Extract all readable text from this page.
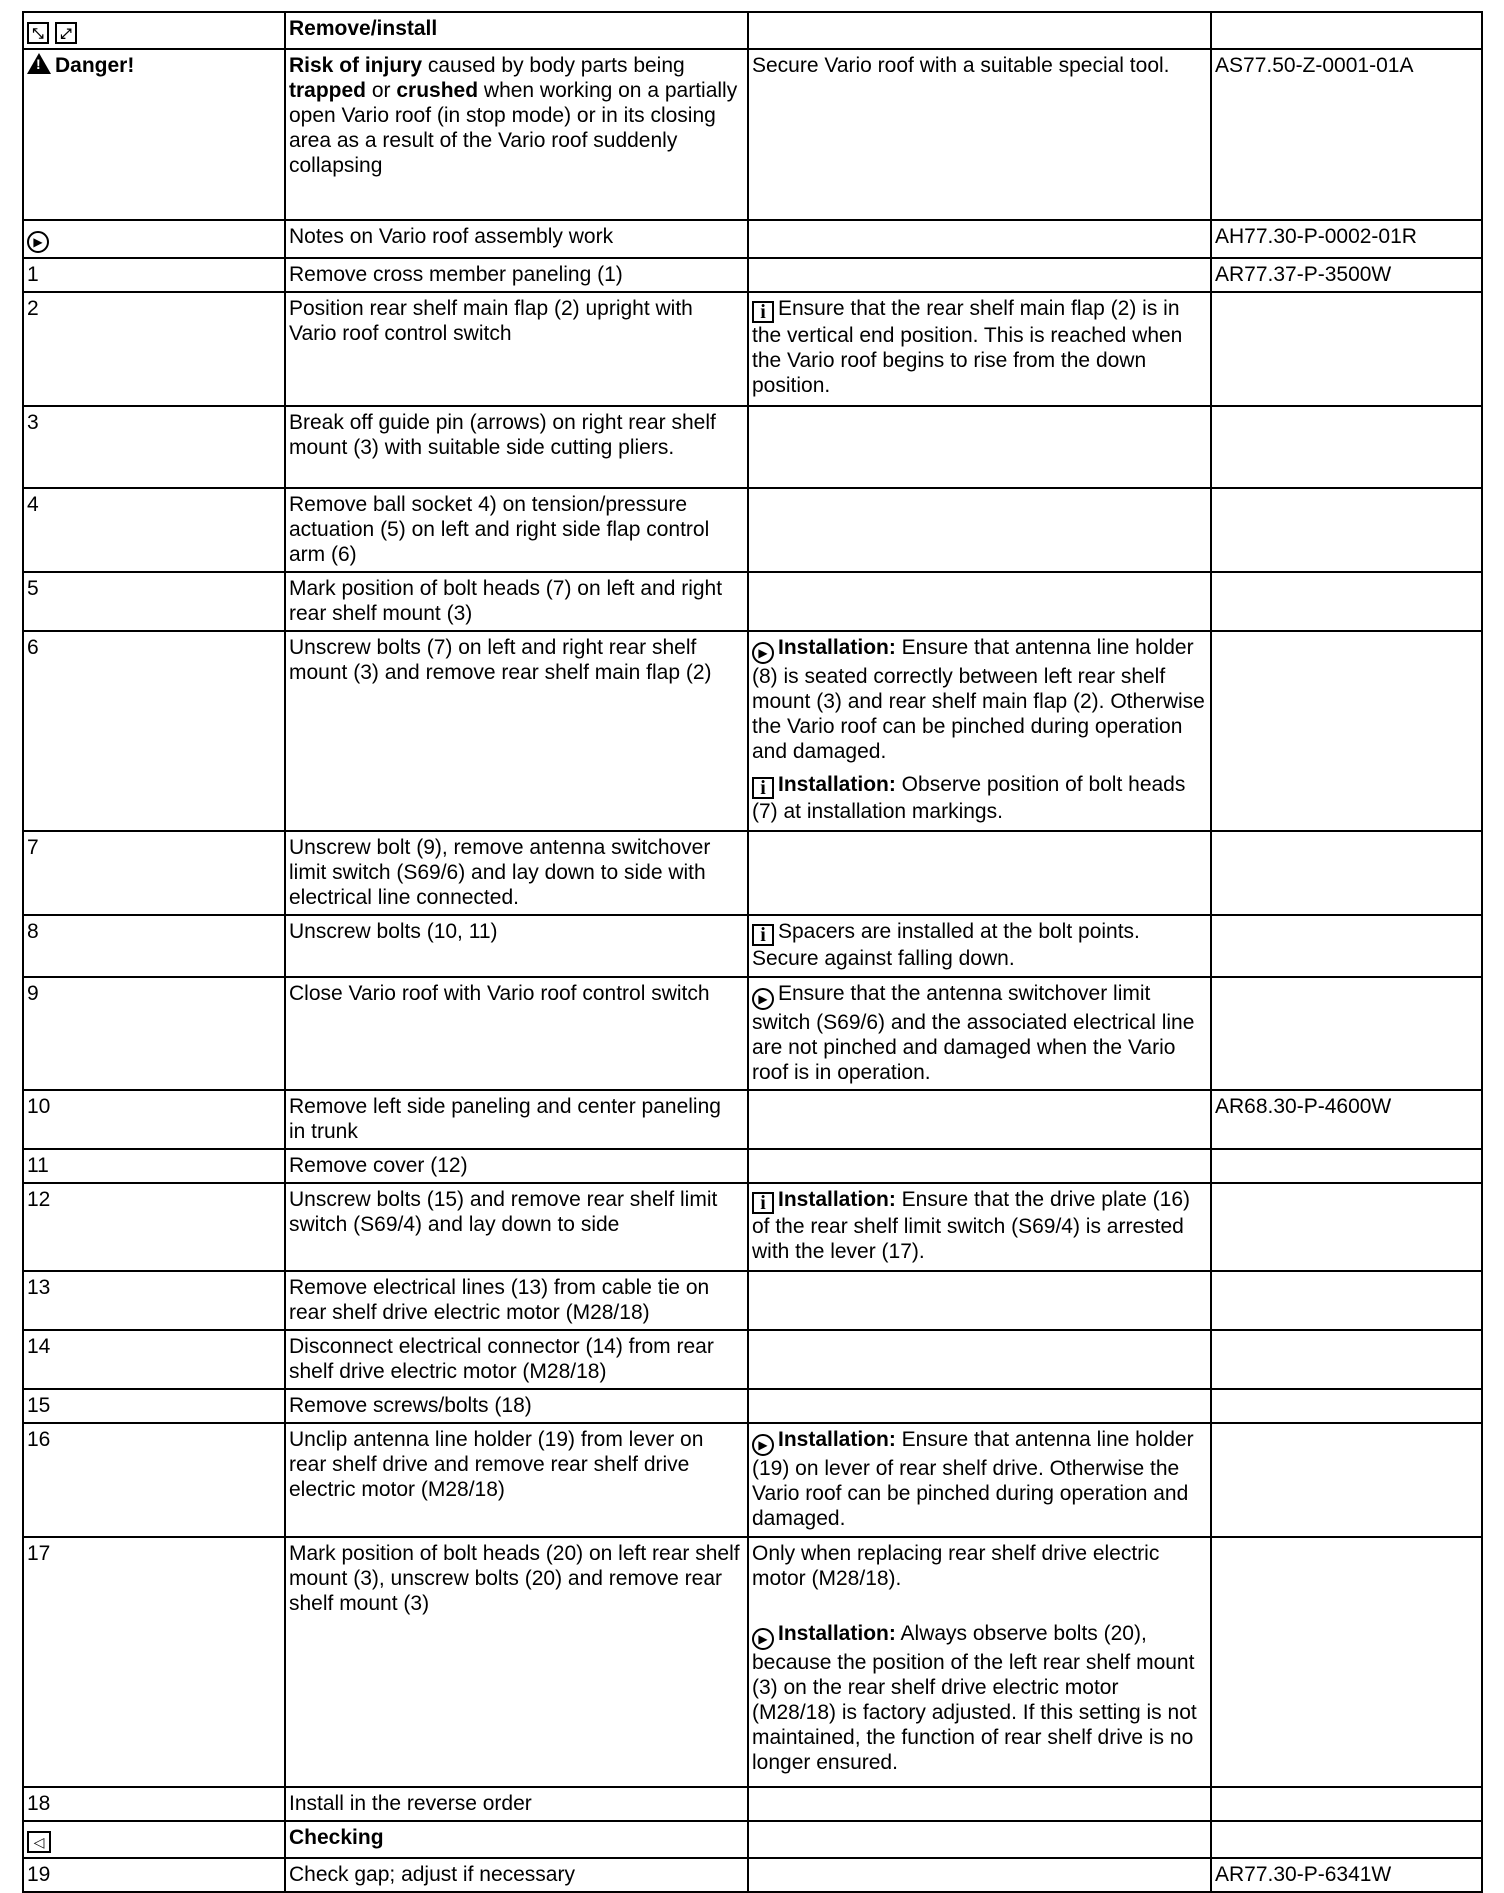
⤡⤢	Remove/install		
!Danger!	Risk of injury caused by body parts being trapped or crushed when working on a partially open Vario roof (in stop mode) or in its closing area as a result of the Vario roof suddenly collapsing	Secure Vario roof with a suitable special tool.	AS77.50-Z-0001-01A
▶	Notes on Vario roof assembly work		AH77.30-P-0002-01R
1	Remove cross member paneling (1)		AR77.37-P-3500W
2	Position rear shelf main flap (2) upright with Vario roof control switch	iEnsure that the rear shelf main flap (2) is in the vertical end position. This is reached when the Vario roof begins to rise from the down position.	
3	Break off guide pin (arrows) on right rear shelf mount (3) with suitable side cutting pliers.		
4	Remove ball socket 4) on tension/pressure actuation (5) on left and right side flap control arm (6)		
5	Mark position of bolt heads (7) on left and right rear shelf mount (3)		
6	Unscrew bolts (7) on left and right rear shelf mount (3) and remove rear shelf main flap (2)	
▶Installation: Ensure that antenna line holder (8) is seated correctly between left rear shelf mount (3) and rear shelf main flap (2). Otherwise the Vario roof can be pinched during operation and damaged.
iInstallation: Observe position of bolt heads (7) at installation markings.

7	Unscrew bolt (9), remove antenna switchover limit switch (S69/6) and lay down to side with electrical line connected.		
8	Unscrew bolts (10, 11)	iSpacers are installed at the bolt points. Secure against falling down.	
9	Close Vario roof with Vario roof control switch	▶Ensure that the antenna switchover limit switch (S69/6) and the associated electrical line are not pinched and damaged when the Vario roof is in operation.	
10	Remove left side paneling and center paneling in trunk		AR68.30-P-4600W
11	Remove cover (12)		
12	Unscrew bolts (15) and remove rear shelf limit switch (S69/4) and lay down to side	iInstallation: Ensure that the drive plate (16) of the rear shelf limit switch (S69/4) is arrested with the lever (17).	
13	Remove electrical lines (13) from cable tie on rear shelf drive electric motor (M28/18)		
14	Disconnect electrical connector (14) from rear shelf drive electric motor (M28/18)		
15	Remove screws/bolts (18)		
16	Unclip antenna line holder (19) from lever on rear shelf drive and remove rear shelf drive electric motor (M28/18)	▶Installation: Ensure that antenna line holder (19) on lever of rear shelf drive. Otherwise the Vario roof can be pinched during operation and damaged.	
17	Mark position of bolt heads (20) on left rear shelf mount (3), unscrew bolts (20) and remove rear shelf mount (3)	Only when replacing rear shelf drive electric motor (M28/18).
▶Installation: Always observe bolts (20), because the position of the left rear shelf mount (3) on the rear shelf drive electric motor (M28/18) is factory adjusted. If this setting is not maintained, the function of rear shelf drive is no longer ensured.

18	Install in the reverse order		
◁	Checking		
19	Check gap; adjust if necessary		AR77.30-P-6341W
